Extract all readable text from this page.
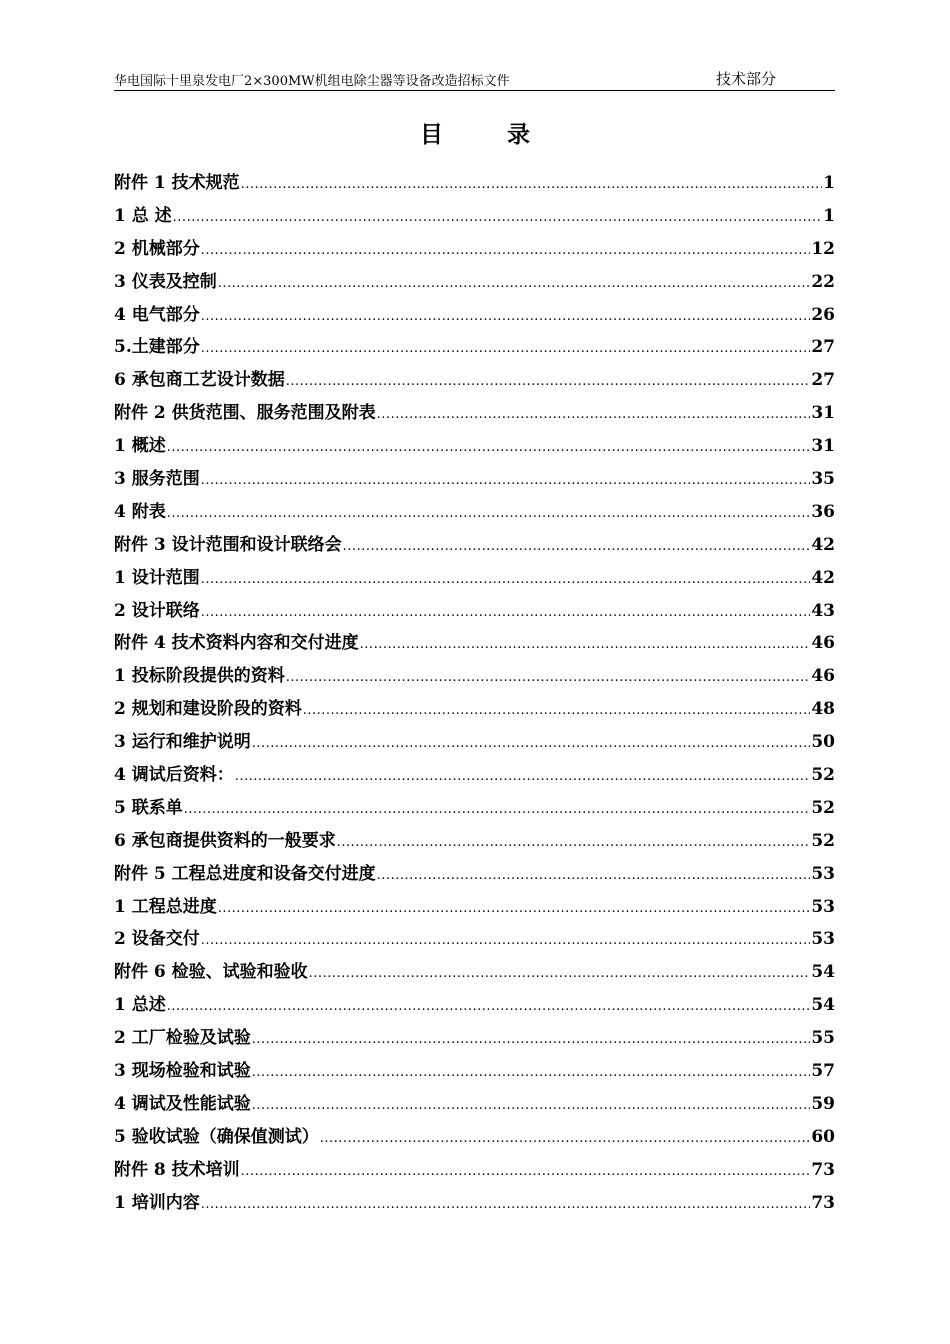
华电国际十里泉发电厂2×300MW机组电除尘器等设备改造招标文件	技术部分
目 录
附件 1 技术规范 .....	1
1 总 述 .....	1
2 机械部分 .....	12
3 仪表及控制 .....	22
4 电气部分 .....	26
5.土建部分 .....	27
6 承包商工艺设计数据 .....	27
附件 2 供货范围、服务范围及附表 .....	31
1 概述 .....	31
3 服务范围 .....	35
4 附表 .....	36
附件 3 设计范围和设计联络会 .....	42
1 设计范围 .....	42
2 设计联络 .....	43
附件 4 技术资料内容和交付进度 .....	46
1 投标阶段提供的资料 .....	46
2 规划和建设阶段的资料 .....	48
3 运行和维护说明 .....	50
4 调试后资料： .....	52
5 联系单 .....	52
6 承包商提供资料的一般要求 .....	52
附件 5 工程总进度和设备交付进度 .....	53
1 工程总进度 .....	53
2 设备交付 .....	53
附件 6 检验、试验和验收 .....	54
1 总述 .....	54
2 工厂检验及试验 .....	55
3 现场检验和试验 .....	57
4 调试及性能试验 .....	59
5 验收试验（确保值测试） .....	60
附件 8 技术培训 .....	73
1 培训内容 .....	73
